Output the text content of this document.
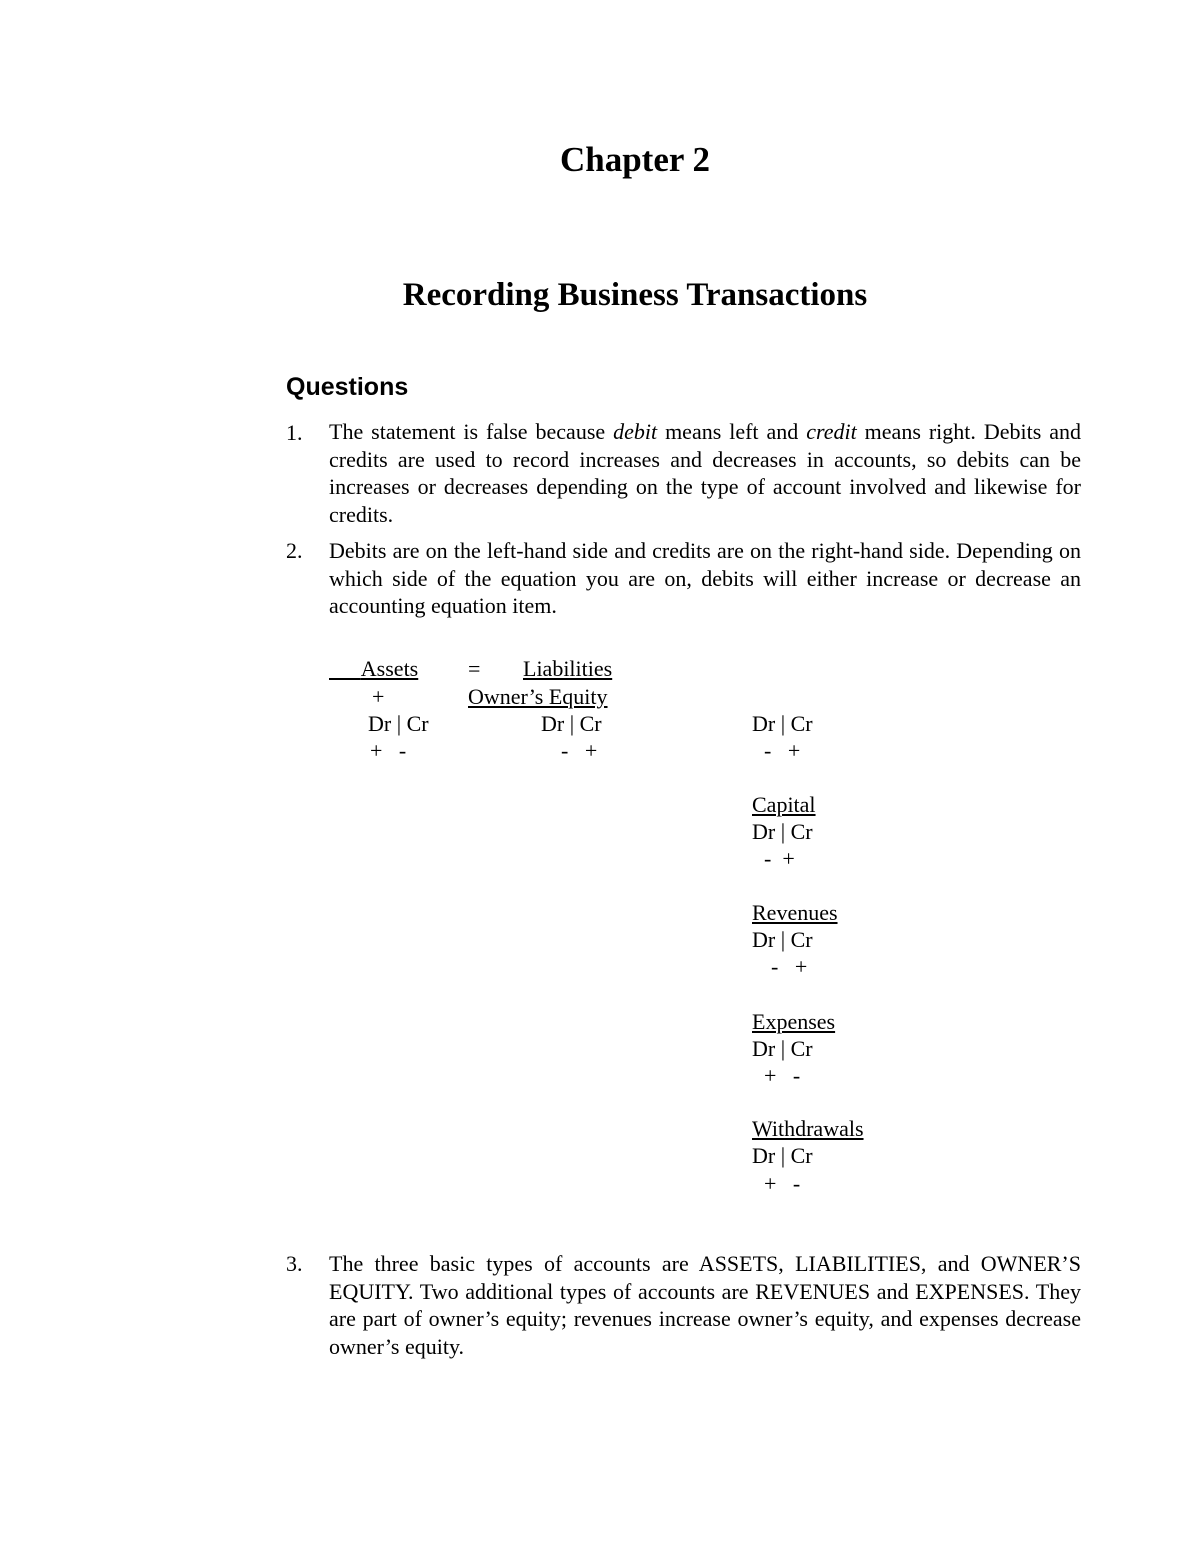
Chapter 2
Recording Business Transactions
Questions
1. The statement is false because debit means left and credit means right. Debits and credits are used to record increases and decreases in accounts, so debits can be increases or decreases depending on the type of account involved and likewise for credits.

2. Debits are on the left-hand side and credits are on the right-hand side. Depending on which side of the equation you are on, debits will either increase or decrease an accounting equation item.

Assets = Liabilities
+	Owner’s Equity
Dr | Cr	Dr | Cr	Dr | Cr
+   -	-   +	-   +
Capital
Dr | Cr
-  +
Revenues
Dr | Cr
-   +
Expenses
Dr | Cr
+   -
Withdrawals
Dr | Cr
+   -
3. The three basic types of accounts are ASSETS, LIABILITIES, and OWNER’S EQUITY. Two additional types of accounts are REVENUES and EXPENSES. They are part of owner’s equity; revenues increase owner’s equity, and expenses decrease owner’s equity.
